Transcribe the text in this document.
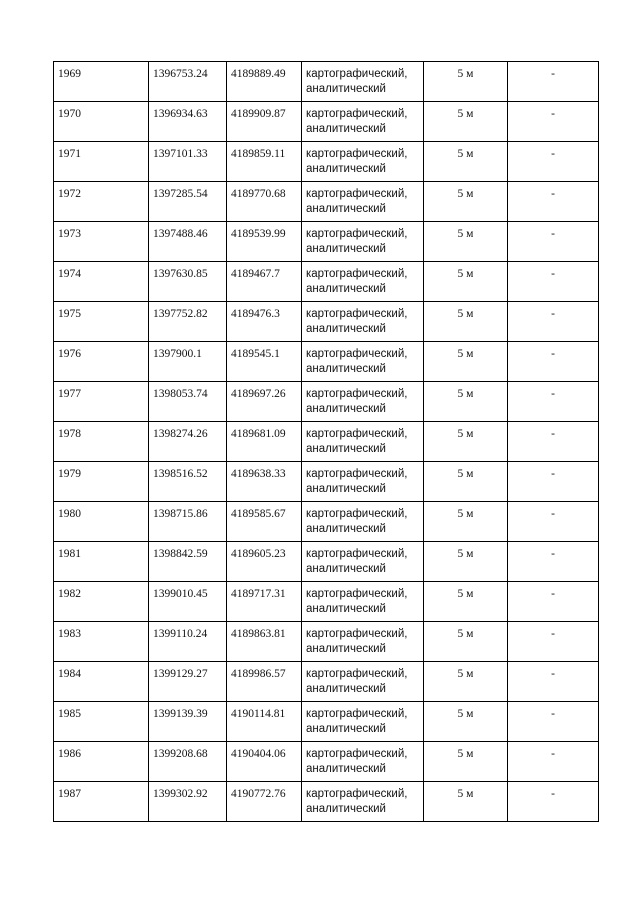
1969	1396753.24	4189889.49	картографический, аналитический	5 м	-
1970	1396934.63	4189909.87	картографический, аналитический	5 м	-
1971	1397101.33	4189859.11	картографический, аналитический	5 м	-
1972	1397285.54	4189770.68	картографический, аналитический	5 м	-
1973	1397488.46	4189539.99	картографический, аналитический	5 м	-
1974	1397630.85	4189467.7	картографический, аналитический	5 м	-
1975	1397752.82	4189476.3	картографический, аналитический	5 м	-
1976	1397900.1	4189545.1	картографический, аналитический	5 м	-
1977	1398053.74	4189697.26	картографический, аналитический	5 м	-
1978	1398274.26	4189681.09	картографический, аналитический	5 м	-
1979	1398516.52	4189638.33	картографический, аналитический	5 м	-
1980	1398715.86	4189585.67	картографический, аналитический	5 м	-
1981	1398842.59	4189605.23	картографический, аналитический	5 м	-
1982	1399010.45	4189717.31	картографический, аналитический	5 м	-
1983	1399110.24	4189863.81	картографический, аналитический	5 м	-
1984	1399129.27	4189986.57	картографический, аналитический	5 м	-
1985	1399139.39	4190114.81	картографический, аналитический	5 м	-
1986	1399208.68	4190404.06	картографический, аналитический	5 м	-
1987	1399302.92	4190772.76	картографический, аналитический	5 м	-
